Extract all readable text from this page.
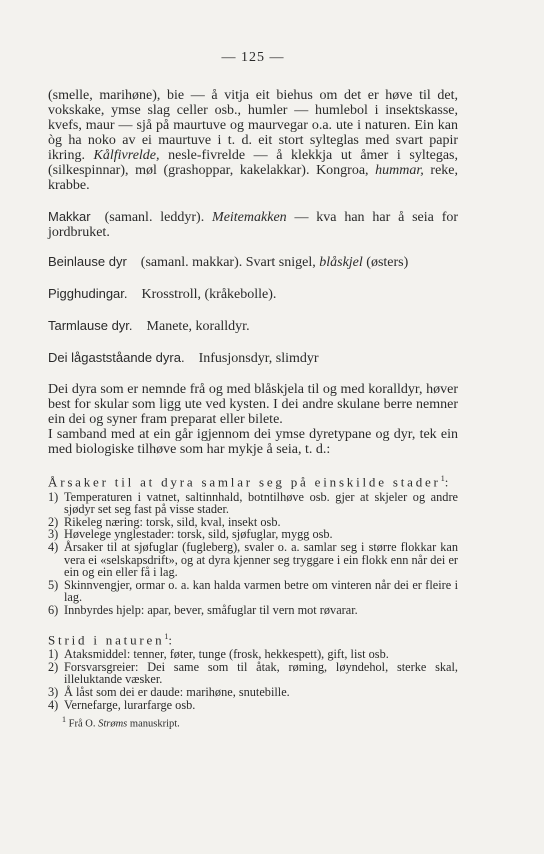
— 125 —

(smelle, marihøne), bie — å vitja eit biehus om det er høve til det, vokskake, ymse slag celler osb., humler — humlebol i insektskasse, kvefs, maur — sjå på maurtuve og maurvegar o.a. ute i naturen. Ein kan òg ha noko av ei maurtuve i t. d. eit stort sylteglas med svart papir ikring. Kålfivrelde, nesle-fivrelde — å klekkja ut åmer i syltegas, (silkespinnar), møl (grashoppar, kakelakkar). Kongroa, hummar, reke, krabbe.

Makkar (samanl. leddyr). Meitemakken — kva han har å seia for jordbruket.

Beinlause dyr (samanl. makkar). Svart snigel, blåskjel (østers)

Pigghudingar. Krosstroll, (kråkebolle).

Tarmlause dyr. Manete, koralldyr.

Dei lågastståande dyra. Infusjonsdyr, slimdyr

Dei dyra som er nemnde frå og med blåskjela til og med koralldyr, høver best for skular som ligg ute ved kysten. I dei andre skulane berre nemner ein dei og syner fram preparat eller bilete.

I samband med at ein går igjennom dei ymse dyretypane og dyr, tek ein med biologiske tilhøve som har mykje å seia, t. d.:

Årsaker til at dyra samlar seg på einskilde stader$^1$:

1) Temperaturen i vatnet, saltinnhald, botntilhøve osb. gjer at skjeler og andre sjødyr set seg fast på visse stader.
2) Rikeleg næring: torsk, sild, kval, insekt osb.
3) Høvelege ynglestader: torsk, sild, sjøfuglar, mygg osb.
4) Årsaker til at sjøfuglar (fugleberg), svaler o. a. samlar seg i større flokkar kan vera ei «selskapsdrift», og at dyra kjenner seg tryggare i ein flokk enn når dei er ein og ein eller få i lag.
5) Skinnvengjer, ormar o. a. kan halda varmen betre om vinteren når dei er fleire i lag.
6) Innbyrdes hjelp: apar, bever, småfuglar til vern mot røvarar.

Strid i naturen$^1$:

1) Ataksmiddel: tenner, føter, tunge (frosk, hekkespett), gift, list osb.
2) Forsvarsgreier: Dei same som til åtak, røming, løyndehol, sterke skal, illeluktande væsker.
3) Å låst som dei er daude: marihøne, snutebille.
4) Vernefarge, lurarfarge osb.
$^1$ Frå O. Strøms manuskript.
